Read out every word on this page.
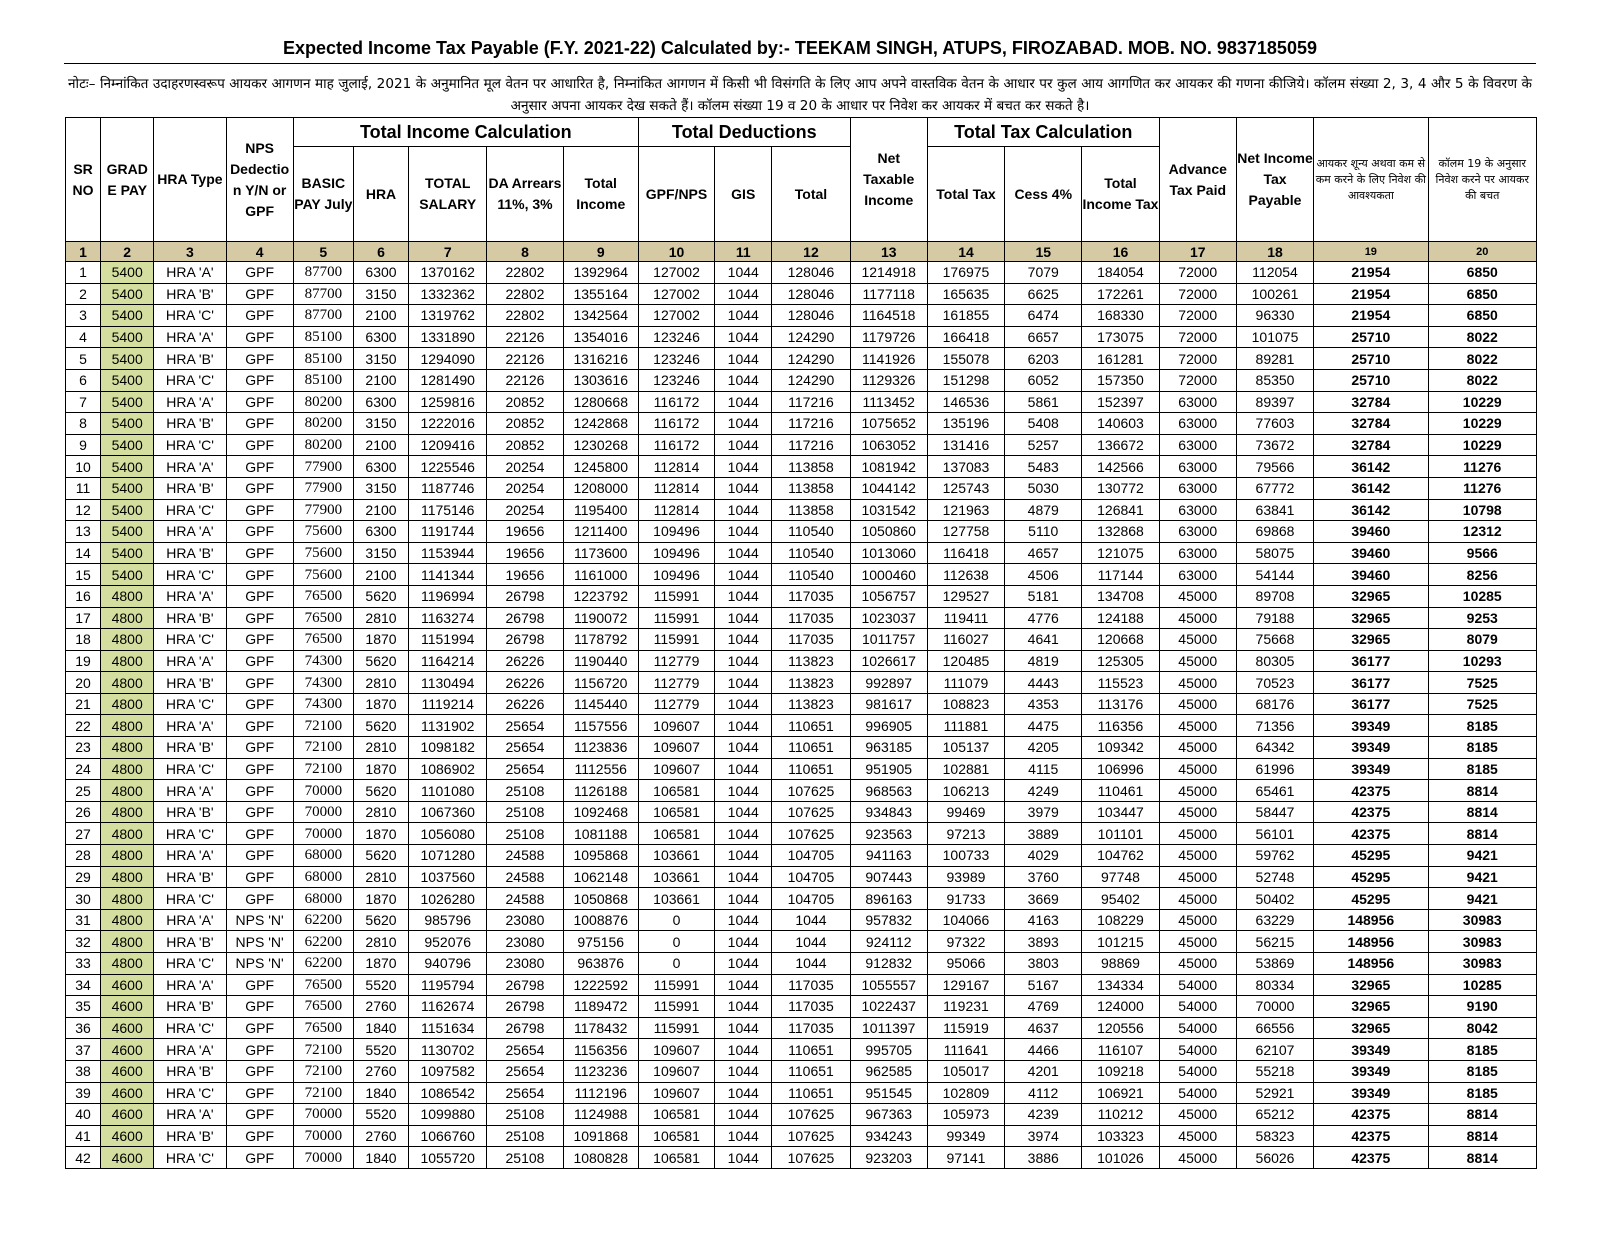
Expected Income Tax Payable (F.Y. 2021-22) Calculated by:- TEEKAM SINGH, ATUPS, FIROZABAD. MOB. NO. 9837185059
नोटः– निम्नांकित उदाहरणस्वरूप आयकर आगणन माह जुलाई, 2021 के अनुमानित मूल वेतन पर आधारित है, निम्नांकित आगणन में किसी भी विसंगति के लिए आप अपने वास्तविक वेतन के आधार पर कुल आय आगणित कर आयकर की गणना कीजिये। कॉलम संख्या 2, 3, 4 और 5 के विवरण के अनुसार अपना आयकर देख सकते हैं। कॉलम संख्या 19 व 20 के आधार पर निवेश कर आयकर में बचत कर सकते है।
SR NO	GRAD E PAY	HRA Type	NPS Dedectio n Y/N or GPF	Total Income Calculation					Total Deductions			Net Taxable Income	Total Tax Calculation			Advance Tax Paid	Net Income Tax Payable	आयकर शून्य अथवा कम से कम करने के लिए निवेश की आवश्यकता	कॉलम 19 के अनुसार निवेश करने पर आयकर की बचत
				BASIC PAY July	HRA	TOTAL SALARY	DA Arrears 11%, 3%	Total Income	GPF/NPS	GIS	Total		Total Tax	Cess 4%	Total Income Tax				
1	2	3	4	5	6	7	8	9	10	11	12	13	14	15	16	17	18	19	20
1	5400	HRA 'A'	GPF	87700	6300	1370162	22802	1392964	127002	1044	128046	1214918	176975	7079	184054	72000	112054	21954	6850
2	5400	HRA 'B'	GPF	87700	3150	1332362	22802	1355164	127002	1044	128046	1177118	165635	6625	172261	72000	100261	21954	6850
3	5400	HRA 'C'	GPF	87700	2100	1319762	22802	1342564	127002	1044	128046	1164518	161855	6474	168330	72000	96330	21954	6850
4	5400	HRA 'A'	GPF	85100	6300	1331890	22126	1354016	123246	1044	124290	1179726	166418	6657	173075	72000	101075	25710	8022
5	5400	HRA 'B'	GPF	85100	3150	1294090	22126	1316216	123246	1044	124290	1141926	155078	6203	161281	72000	89281	25710	8022
6	5400	HRA 'C'	GPF	85100	2100	1281490	22126	1303616	123246	1044	124290	1129326	151298	6052	157350	72000	85350	25710	8022
7	5400	HRA 'A'	GPF	80200	6300	1259816	20852	1280668	116172	1044	117216	1113452	146536	5861	152397	63000	89397	32784	10229
8	5400	HRA 'B'	GPF	80200	3150	1222016	20852	1242868	116172	1044	117216	1075652	135196	5408	140603	63000	77603	32784	10229
9	5400	HRA 'C'	GPF	80200	2100	1209416	20852	1230268	116172	1044	117216	1063052	131416	5257	136672	63000	73672	32784	10229
10	5400	HRA 'A'	GPF	77900	6300	1225546	20254	1245800	112814	1044	113858	1081942	137083	5483	142566	63000	79566	36142	11276
11	5400	HRA 'B'	GPF	77900	3150	1187746	20254	1208000	112814	1044	113858	1044142	125743	5030	130772	63000	67772	36142	11276
12	5400	HRA 'C'	GPF	77900	2100	1175146	20254	1195400	112814	1044	113858	1031542	121963	4879	126841	63000	63841	36142	10798
13	5400	HRA 'A'	GPF	75600	6300	1191744	19656	1211400	109496	1044	110540	1050860	127758	5110	132868	63000	69868	39460	12312
14	5400	HRA 'B'	GPF	75600	3150	1153944	19656	1173600	109496	1044	110540	1013060	116418	4657	121075	63000	58075	39460	9566
15	5400	HRA 'C'	GPF	75600	2100	1141344	19656	1161000	109496	1044	110540	1000460	112638	4506	117144	63000	54144	39460	8256
16	4800	HRA 'A'	GPF	76500	5620	1196994	26798	1223792	115991	1044	117035	1056757	129527	5181	134708	45000	89708	32965	10285
17	4800	HRA 'B'	GPF	76500	2810	1163274	26798	1190072	115991	1044	117035	1023037	119411	4776	124188	45000	79188	32965	9253
18	4800	HRA 'C'	GPF	76500	1870	1151994	26798	1178792	115991	1044	117035	1011757	116027	4641	120668	45000	75668	32965	8079
19	4800	HRA 'A'	GPF	74300	5620	1164214	26226	1190440	112779	1044	113823	1026617	120485	4819	125305	45000	80305	36177	10293
20	4800	HRA 'B'	GPF	74300	2810	1130494	26226	1156720	112779	1044	113823	992897	111079	4443	115523	45000	70523	36177	7525
21	4800	HRA 'C'	GPF	74300	1870	1119214	26226	1145440	112779	1044	113823	981617	108823	4353	113176	45000	68176	36177	7525
22	4800	HRA 'A'	GPF	72100	5620	1131902	25654	1157556	109607	1044	110651	996905	111881	4475	116356	45000	71356	39349	8185
23	4800	HRA 'B'	GPF	72100	2810	1098182	25654	1123836	109607	1044	110651	963185	105137	4205	109342	45000	64342	39349	8185
24	4800	HRA 'C'	GPF	72100	1870	1086902	25654	1112556	109607	1044	110651	951905	102881	4115	106996	45000	61996	39349	8185
25	4800	HRA 'A'	GPF	70000	5620	1101080	25108	1126188	106581	1044	107625	968563	106213	4249	110461	45000	65461	42375	8814
26	4800	HRA 'B'	GPF	70000	2810	1067360	25108	1092468	106581	1044	107625	934843	99469	3979	103447	45000	58447	42375	8814
27	4800	HRA 'C'	GPF	70000	1870	1056080	25108	1081188	106581	1044	107625	923563	97213	3889	101101	45000	56101	42375	8814
28	4800	HRA 'A'	GPF	68000	5620	1071280	24588	1095868	103661	1044	104705	941163	100733	4029	104762	45000	59762	45295	9421
29	4800	HRA 'B'	GPF	68000	2810	1037560	24588	1062148	103661	1044	104705	907443	93989	3760	97748	45000	52748	45295	9421
30	4800	HRA 'C'	GPF	68000	1870	1026280	24588	1050868	103661	1044	104705	896163	91733	3669	95402	45000	50402	45295	9421
31	4800	HRA 'A'	NPS 'N'	62200	5620	985796	23080	1008876	0	1044	1044	957832	104066	4163	108229	45000	63229	148956	30983
32	4800	HRA 'B'	NPS 'N'	62200	2810	952076	23080	975156	0	1044	1044	924112	97322	3893	101215	45000	56215	148956	30983
33	4800	HRA 'C'	NPS 'N'	62200	1870	940796	23080	963876	0	1044	1044	912832	95066	3803	98869	45000	53869	148956	30983
34	4600	HRA 'A'	GPF	76500	5520	1195794	26798	1222592	115991	1044	117035	1055557	129167	5167	134334	54000	80334	32965	10285
35	4600	HRA 'B'	GPF	76500	2760	1162674	26798	1189472	115991	1044	117035	1022437	119231	4769	124000	54000	70000	32965	9190
36	4600	HRA 'C'	GPF	76500	1840	1151634	26798	1178432	115991	1044	117035	1011397	115919	4637	120556	54000	66556	32965	8042
37	4600	HRA 'A'	GPF	72100	5520	1130702	25654	1156356	109607	1044	110651	995705	111641	4466	116107	54000	62107	39349	8185
38	4600	HRA 'B'	GPF	72100	2760	1097582	25654	1123236	109607	1044	110651	962585	105017	4201	109218	54000	55218	39349	8185
39	4600	HRA 'C'	GPF	72100	1840	1086542	25654	1112196	109607	1044	110651	951545	102809	4112	106921	54000	52921	39349	8185
40	4600	HRA 'A'	GPF	70000	5520	1099880	25108	1124988	106581	1044	107625	967363	105973	4239	110212	45000	65212	42375	8814
41	4600	HRA 'B'	GPF	70000	2760	1066760	25108	1091868	106581	1044	107625	934243	99349	3974	103323	45000	58323	42375	8814
42	4600	HRA 'C'	GPF	70000	1840	1055720	25108	1080828	106581	1044	107625	923203	97141	3886	101026	45000	56026	42375	8814
